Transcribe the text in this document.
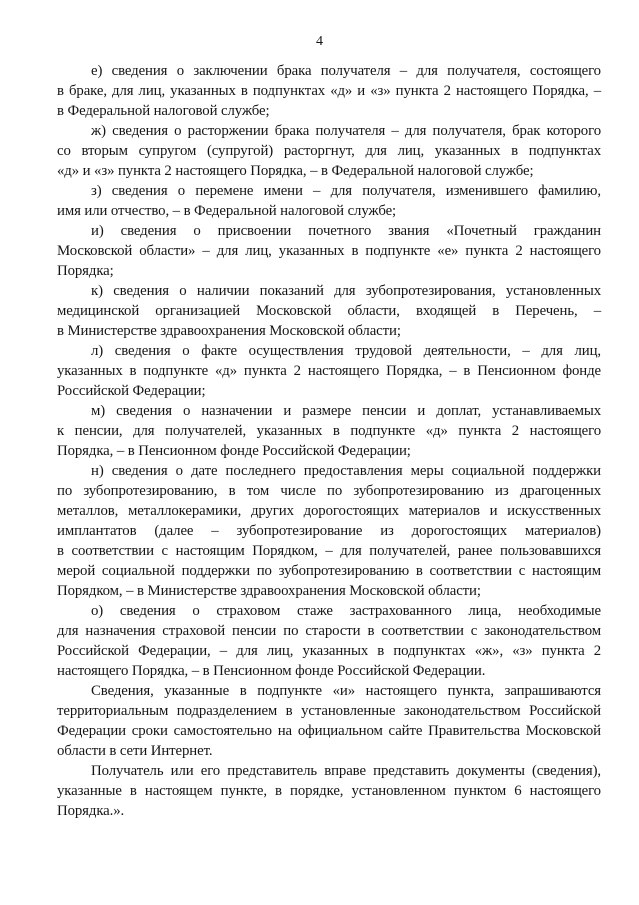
4
е) сведения о заключении брака получателя – для получателя, состоящего
в браке, для лиц, указанных в подпунктах «д» и «з» пункта 2 настоящего Порядка, –
в Федеральной налоговой службе;
ж) сведения о расторжении брака получателя – для получателя, брак которого
со вторым супругом (супругой) расторгнут, для лиц, указанных в подпунктах
«д» и «з» пункта 2 настоящего Порядка, – в Федеральной налоговой службе;
з) сведения о перемене имени – для получателя, изменившего фамилию,
имя или отчество, – в Федеральной налоговой службе;
и) сведения о присвоении почетного звания «Почетный гражданин
Московской области» – для лиц, указанных в подпункте «е» пункта 2 настоящего
Порядка;
к) сведения о наличии показаний для зубопротезирования, установленных
медицинской организацией Московской области, входящей в Перечень, –
в Министерстве здравоохранения Московской области;
л) сведения о факте осуществления трудовой деятельности, – для лиц,
указанных в подпункте «д» пункта 2 настоящего Порядка, – в Пенсионном фонде
Российской Федерации;
м) сведения о назначении и размере пенсии и доплат, устанавливаемых
к пенсии, для получателей, указанных в подпункте «д» пункта 2 настоящего
Порядка, – в Пенсионном фонде Российской Федерации;
н) сведения о дате последнего предоставления меры социальной поддержки
по зубопротезированию, в том числе по зубопротезированию из драгоценных
металлов, металлокерамики, других дорогостоящих материалов и искусственных
имплантатов (далее – зубопротезирование из дорогостоящих материалов)
в соответствии с настоящим Порядком, – для получателей, ранее пользовавшихся
мерой социальной поддержки по зубопротезированию в соответствии с настоящим
Порядком, – в Министерстве здравоохранения Московской области;
о) сведения о страховом стаже застрахованного лица, необходимые
для назначения страховой пенсии по старости в соответствии с законодательством
Российской Федерации, – для лиц, указанных в подпунктах «ж», «з» пункта 2
настоящего Порядка, – в Пенсионном фонде Российской Федерации.
Сведения, указанные в подпункте «и» настоящего пункта, запрашиваются
территориальным подразделением в установленные законодательством Российской
Федерации сроки самостоятельно на официальном сайте Правительства Московской
области в сети Интернет.
Получатель или его представитель вправе представить документы (сведения),
указанные в настоящем пункте, в порядке, установленном пунктом 6 настоящего
Порядка.».
